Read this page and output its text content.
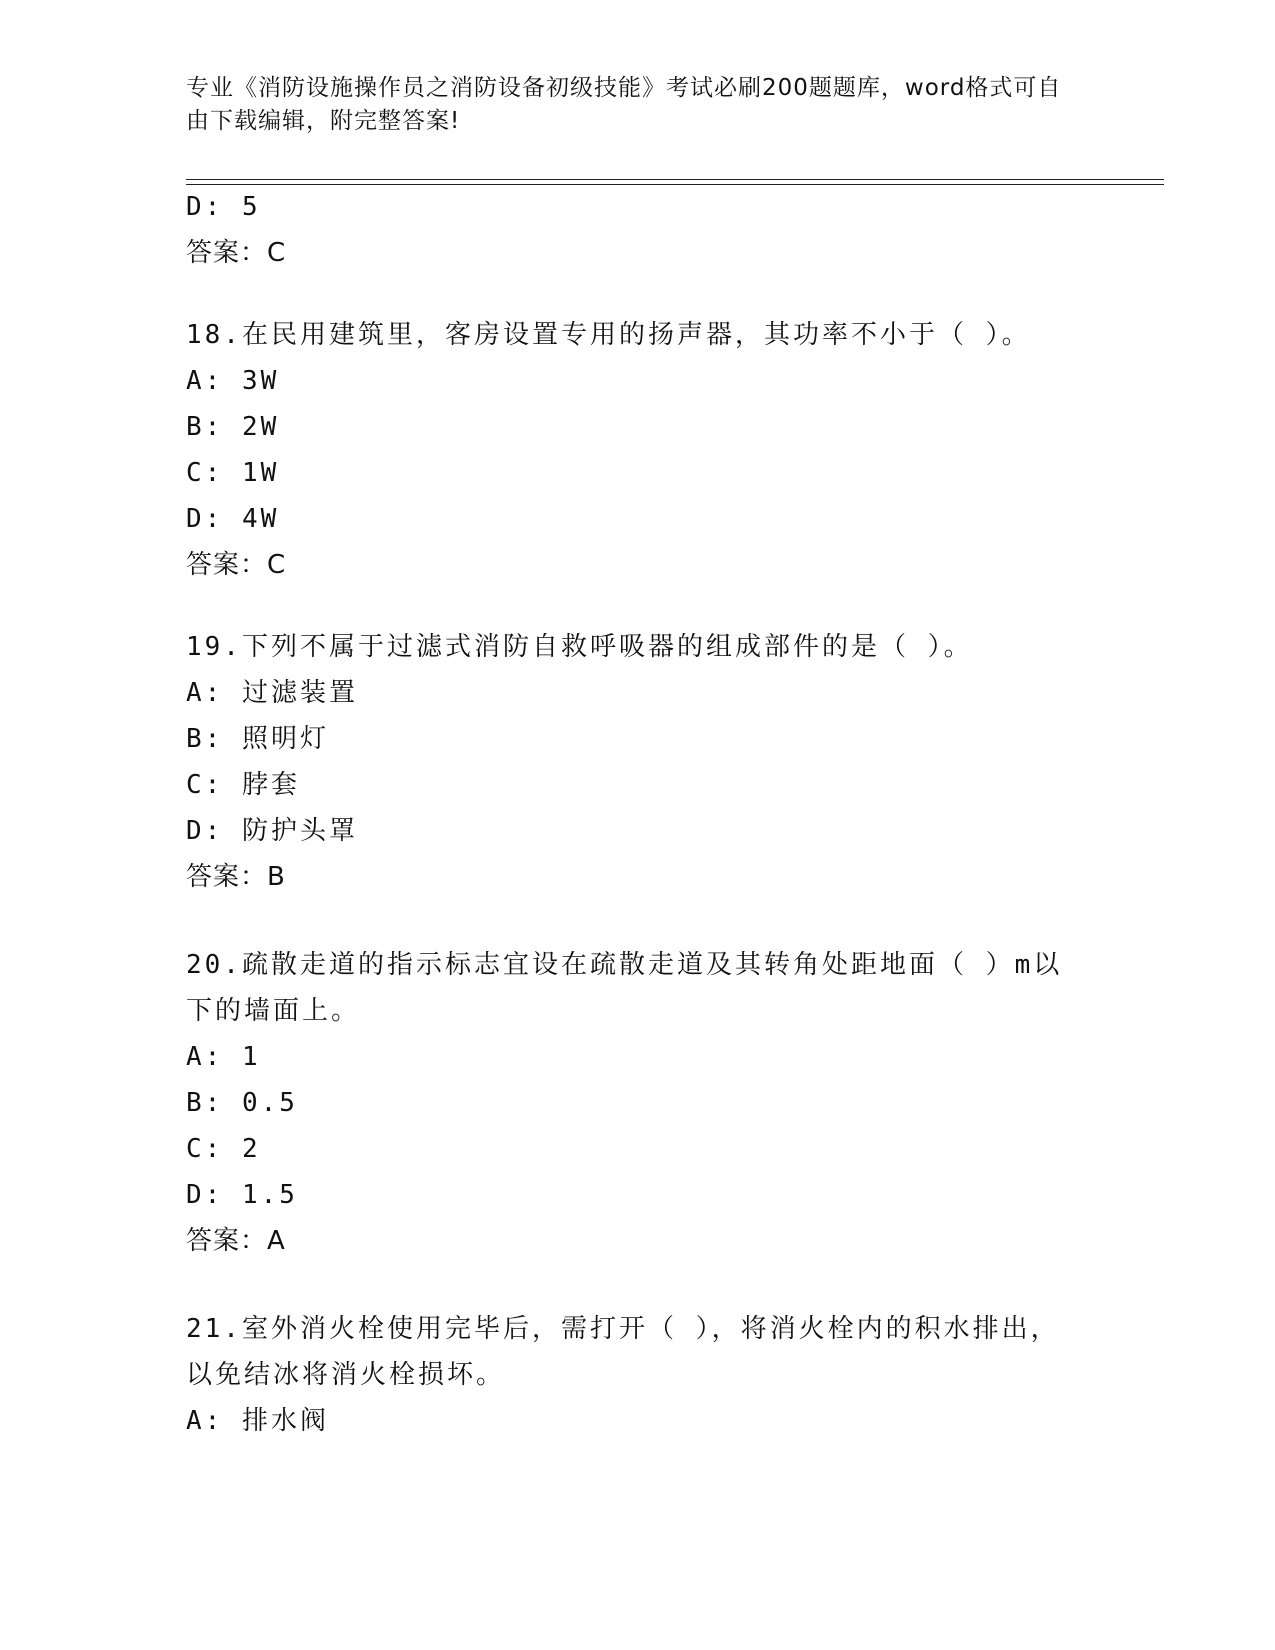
专业《消防设施操作员之消防设备初级技能》考试必刷200题题库，word格式可自由下载编辑，附完整答案!
D: 5
答案：C
18.在民用建筑里，客房设置专用的扬声器，其功率不小于（ ）。
A: 3W
B: 2W
C: 1W
D: 4W
答案：C
19.下列不属于过滤式消防自救呼吸器的组成部件的是（ ）。
A: 过滤装置
B: 照明灯
C: 脖套
D: 防护头罩
答案：B
20.疏散走道的指示标志宜设在疏散走道及其转角处距地面（ ）m以下的墙面上。
A: 1
B: 0.5
C: 2
D: 1.5
答案：A
21.室外消火栓使用完毕后，需打开（ ），将消火栓内的积水排出，以免结冰将消火栓损坏。
A: 排水阀
